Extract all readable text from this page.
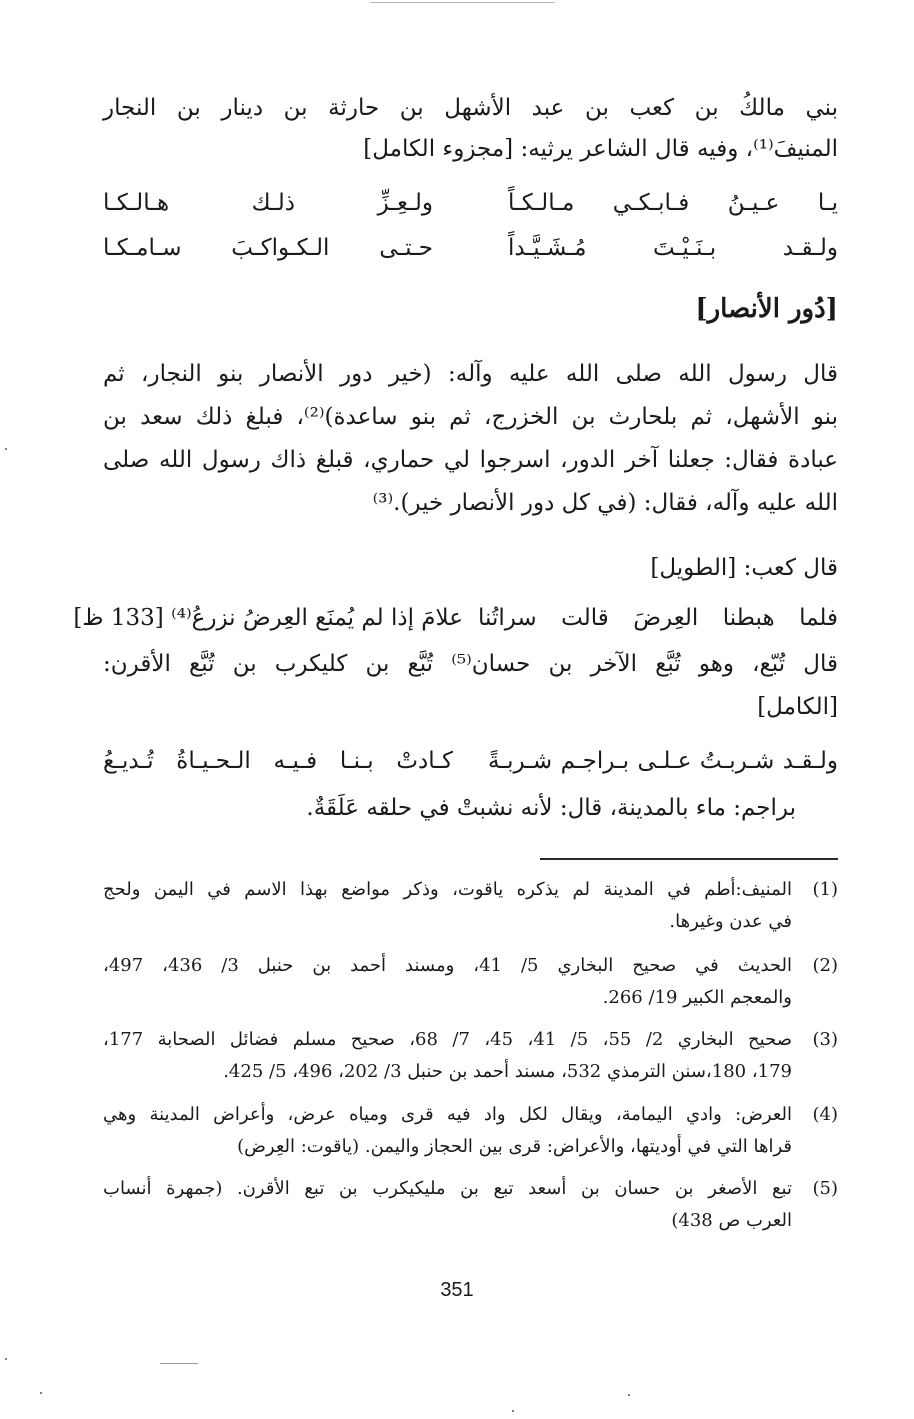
بني مالكُ بن كعب بن عبد الأشهل بن حارثة بن دينار بن النجار
المنيفَ⁽¹⁾، وفيه قال الشاعر يرثيه: [مجزوء الكامل]
يـا عـيـنُ فـابـكـي مـالـكـاً
ولـعِـزِّ ذلـك هـالـكـا
ولـقـد بـنَـيْـتَ مُـشَـيَّـداً
حـتـى الـكـواكـبَ سـامـكـا
[دُور الأنصار]
قال رسول الله صلى الله عليه وآله: (خير دور الأنصار بنو النجار، ثم
بنو الأشهل، ثم بلحارث بن الخزرج، ثم بنو ساعدة)⁽²⁾، فبلغ ذلك سعد بن
عبادة فقال: جعلنا آخر الدور، اسرجوا لي حماري، قبلغ ذاك رسول الله صلى
الله عليه وآله، فقال: (في كل دور الأنصار خير).⁽³⁾
قال كعب: [الطويل]
فلما هبطنا العِرضَ قالت سراتُنا
علامَ إذا لم يُمنَع العِرضُ نزرعُ⁽⁴⁾ [133 ظ]
قال تُبّع، وهو تُبَّع الآخر بن حسان⁽⁵⁾ تُبَّع بن كليكرب بن تُبَّع الأقرن:
[الكامل]
ولـقـد شـربـتُ عـلـى بـراجـم شـربـةً
كـادتْ بـنـا فـيـه الـحـيـاةُ تُـديـعُ
براجم: ماء بالمدينة، قال: لأنه نشبتْ في حلقه عَلَقَةٌ.
(1)
المنيف:أطم في المدينة لم يذكره ياقوت، وذكر مواضع بهذا الاسم في اليمن ولحج
في عدن وغيرها.
(2)
الحديث في صحيح البخاري 5/ 41، ومسند أحمد بن حنبل 3/ 436، 497،
والمعجم الكبير 19/ 266.
(3)
صحيح البخاري 2/ 55، 5/ 41، 45، 7/ 68، صحيح مسلم فضائل الصحابة 177،
179، 180،سنن الترمذي 532، مسند أحمد بن حنبل 3/ 202، 496، 5/ 425.
(4)
العرض: وادي اليمامة، ويقال لكل واد فيه قرى ومياه عرض، وأعراض المدينة وهي
قراها التي في أوديتها، والأعراض: قرى بين الحجاز واليمن. (ياقوت: العِرض)
(5)
تبع الأصغر بن حسان بن أسعد تبع بن مليكيكرب بن تبع الأقرن. (جمهرة أنساب
العرب ص 438)
351
